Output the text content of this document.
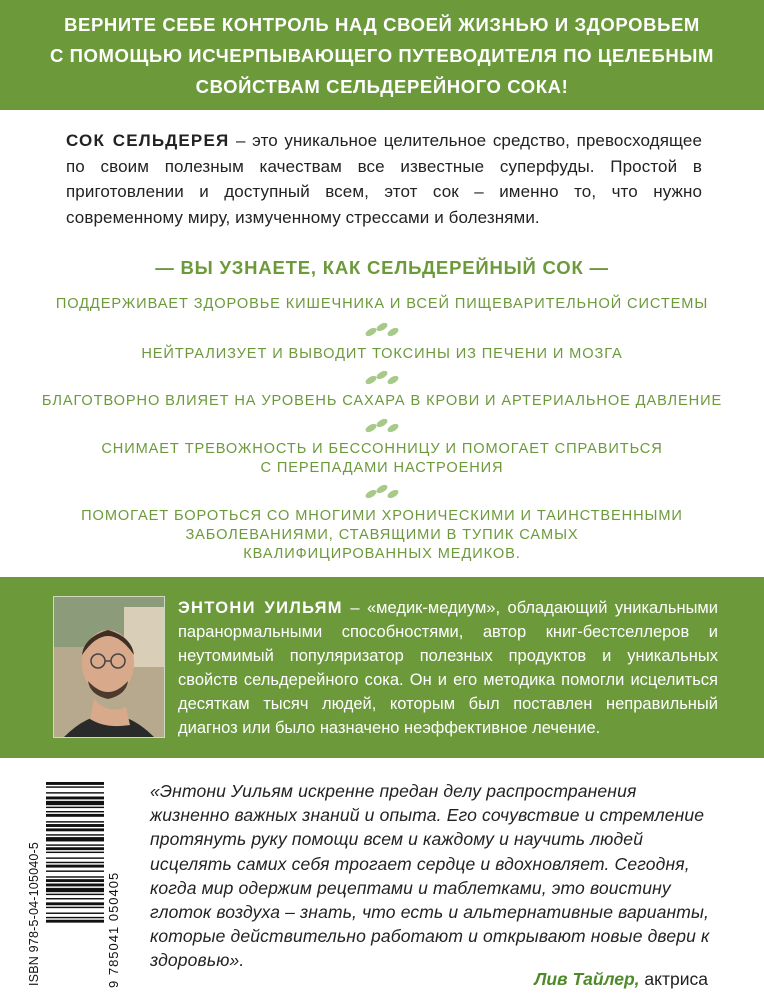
ВЕРНИТЕ СЕБЕ КОНТРОЛЬ НАД СВОЕЙ ЖИЗНЬЮ И ЗДОРОВЬЕМ
С ПОМОЩЬЮ ИСЧЕРПЫВАЮЩЕГО ПУТЕВОДИТЕЛЯ ПО ЦЕЛЕБНЫМ
СВОЙСТВАМ СЕЛЬДЕРЕЙНОГО СОКА!
СОК СЕЛЬДЕРЕЯ – это уникальное целительное средство, превосходящее по своим полезным качествам все известные суперфуды. Простой в приготовлении и доступный всем, этот сок – именно то, что нужно современному миру, измученному стрессами и болезнями.
— ВЫ УЗНАЕТЕ, КАК СЕЛЬДЕРЕЙНЫЙ СОК —
ПОДДЕРЖИВАЕТ ЗДОРОВЬЕ КИШЕЧНИКА И ВСЕЙ ПИЩЕВАРИТЕЛЬНОЙ СИСТЕМЫ
НЕЙТРАЛИЗУЕТ И ВЫВОДИТ ТОКСИНЫ ИЗ ПЕЧЕНИ И МОЗГА
БЛАГОТВОРНО ВЛИЯЕТ НА УРОВЕНЬ САХАРА В КРОВИ И АРТЕРИАЛЬНОЕ ДАВЛЕНИЕ
СНИМАЕТ ТРЕВОЖНОСТЬ И БЕССОННИЦУ И ПОМОГАЕТ СПРАВИТЬСЯ
С ПЕРЕПАДАМИ НАСТРОЕНИЯ
ПОМОГАЕТ БОРОТЬСЯ СО МНОГИМИ ХРОНИЧЕСКИМИ И ТАИНСТВЕННЫМИ
ЗАБОЛЕВАНИЯМИ, СТАВЯЩИМИ В ТУПИК САМЫХ
КВАЛИФИЦИРОВАННЫХ МЕДИКОВ.
ЭНТОНИ УИЛЬЯМ – «медик-медиум», обладающий уникальными паранормальными способностями, автор книг-бестселлеров и неутомимый популяризатор полезных продуктов и уникальных свойств сельдерейного сока. Он и его методика помогли исцелиться десяткам тысяч людей, которым был поставлен неправильный диагноз или было назначено неэффективное лечение.
ISBN 978-5-04-105040-5	9 785041 050405
«Энтони Уильям искренне предан делу распространения жизненно важных знаний и опыта. Его сочувствие и стремление протянуть руку помощи всем и каждому и научить людей исцелять самих себя трогает сердце и вдохновляет. Сегодня, когда мир одержим рецептами и таблетками, это воистину глоток воздуха – знать, что есть и альтернативные варианты, которые действительно работают и открывают новые двери к здоровью».
Лив Тайлер, актриса
